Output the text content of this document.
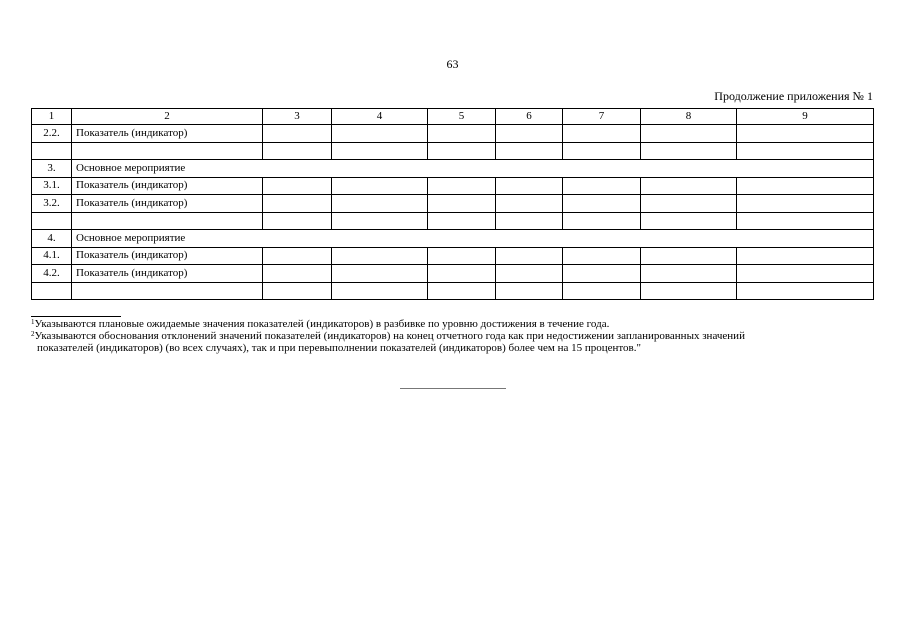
63
Продолжение приложения № 1
1	2	3	4	5	6	7	8	9
2.2.	Показатель (индикатор)							

3.	Основное мероприятие							
3.1.	Показатель (индикатор)							
3.2.	Показатель (индикатор)							

4.	Основное мероприятие							
4.1.	Показатель (индикатор)							
4.2.	Показатель (индикатор)							

$^1$Указываются плановые ожидаемые значения показателей (индикаторов) в разбивке по уровню достижения в течение года.

$^2$Указываются обоснования отклонений значений показателей (индикаторов) на конец отчетного года как при недостижении запланированных значений
показателей (индикаторов) (во всех случаях), так и при перевыполнении показателей (индикаторов) более чем на 15 процентов."
